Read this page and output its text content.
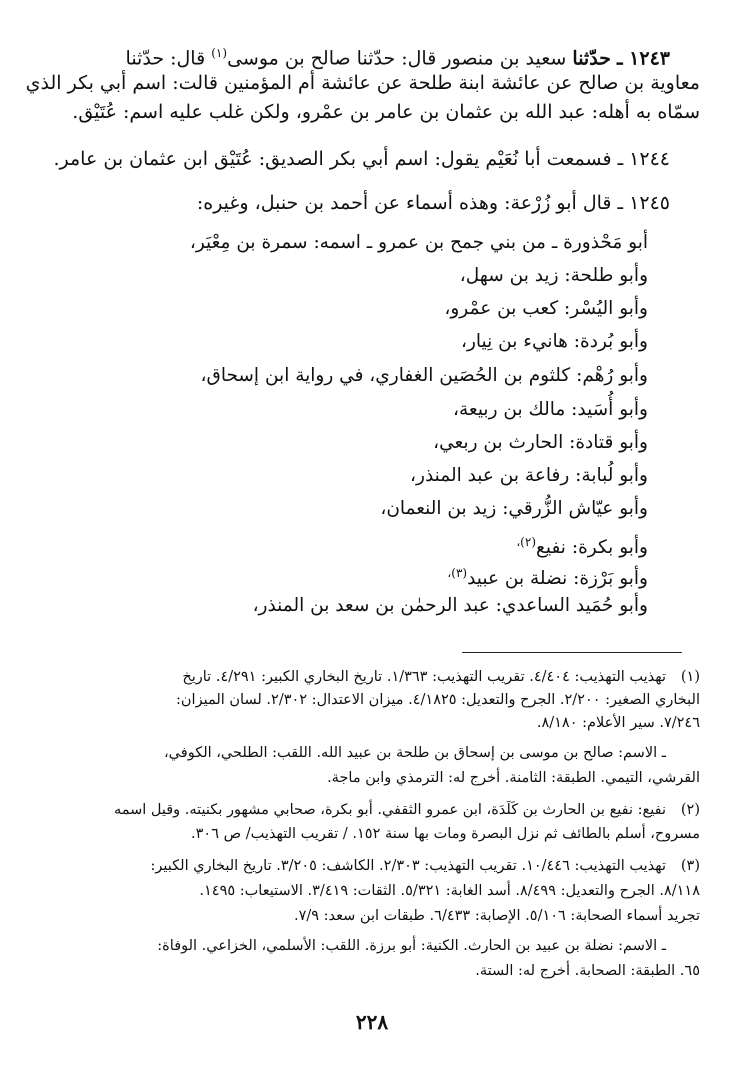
١٢٤٣ ـ حدّثنا سعيد بن منصور قال: حدّثنا صالح بن موسى$^{(١)}$ قال: حدّثنا
معاوية بن صالح عن عائشة ابنة طلحة عن عائشة أم المؤمنين قالت: اسم أبي بكر الذي
سمّاه به أهله: عبد الله بن عثمان بن عامر بن عمْرو، ولكن غلب عليه اسم: عُتَيْق.
١٢٤٤ ـ فسمعت أبا نُعَيْم يقول: اسم أبي بكر الصديق: عُتَيْق ابن عثمان بن عامر.
١٢٤٥ ـ قال أبو زُرْعة: وهذه أسماء عن أحمد بن حنبل، وغيره:
أبو مَحْذورة ـ من بني جمح بن عمرو ـ اسمه: سمرة بن مِعْيَر،
وأبو طلحة: زيد بن سهل،
وأبو اليُسْر: كعب بن عمْرو،
وأبو بُردة: هانيء بن نِيار،
وأبو رُهْم: كلثوم بن الحُصَين الغفاري، في رواية ابن إسحاق،
وأبو أُسَيد: مالك بن ربيعة،
وأبو قتادة: الحارث بن ربعي،
وأبو لُبابة: رفاعة بن عبد المنذر،
وأبو عيّاش الزُّرقي: زيد بن النعمان،
وأبو بكرة: نفيع$^{(٢)،}$
وأبو بَرْزة: نضلة بن عبيد$^{(٣)،}$
وأبو حُمَيد الساعدي: عبد الرحمٰن بن سعد بن المنذر،
(١)
تهذيب التهذيب: ٤/٤٠٤. تقريب التهذيب: ١/٣٦٣. تاريخ البخاري الكبير: ٤/٢٩١. تاريخ
البخاري الصغير: ٢/٢٠٠. الجرح والتعديل: ٤/١٨٢٥. ميزان الاعتدال: ٢/٣٠٢. لسان الميزان:
٧/٢٤٦. سير الأعلام: ٨/١٨٠.
ـ الاسم: صالح بن موسى بن إسحاق بن طلحة بن عبيد الله. اللقب: الطلحي، الكوفي،
القرشي، التيمي. الطبقة: الثامنة. أخرج له: الترمذي وابن ماجة.
(٢)
نفيع: نفيع بن الحارث بن كَلَدَة، ابن عمرو الثقفي. أبو بكرة، صحابي مشهور بكنيته. وقيل اسمه
مسروح، أسلم بالطائف ثم نزل البصرة ومات بها سنة ١٥٢. / تقريب التهذيب/ ص ٣٠٦.
(٣)
تهذيب التهذيب: ١٠/٤٤٦. تقريب التهذيب: ٢/٣٠٣. الكاشف: ٣/٢٠٥. تاريخ البخاري الكبير:
٨/١١٨. الجرح والتعديل: ٨/٤٩٩. أسد الغابة: ٥/٣٢١. الثقات: ٣/٤١٩. الاستيعاب: ١٤٩٥.
تجريد أسماء الصحابة: ٥/١٠٦. الإصابة: ٦/٤٣٣. طبقات ابن سعد: ٧/٩.
ـ الاسم: نضلة بن عبيد بن الحارث. الكنية: أبو برزة. اللقب: الأسلمي، الخزاعي. الوفاة:
٦٥. الطبقة: الصحابة. أخرج له: الستة.
٢٢٨
